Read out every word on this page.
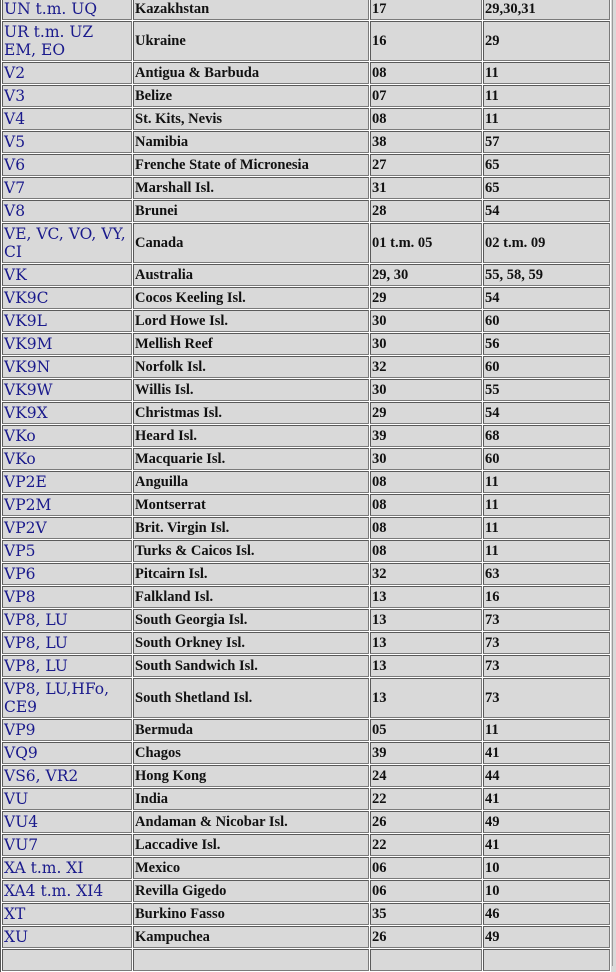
UN t.m. UQ	Kazakhstan	17	29,30,31
UR t.m. UZ EM, EO	Ukraine	16	29
V2	Antigua & Barbuda	08	11
V3	Belize	07	11
V4	St. Kits, Nevis	08	11
V5	Namibia	38	57
V6	Frenche State of Micronesia	27	65
V7	Marshall Isl.	31	65
V8	Brunei	28	54
VE, VC, VO, VY, CI	Canada	01 t.m. 05	02 t.m. 09
VK	Australia	29, 30	55, 58, 59
VK9C	Cocos Keeling Isl.	29	54
VK9L	Lord Howe Isl.	30	60
VK9M	Mellish Reef	30	56
VK9N	Norfolk Isl.	32	60
VK9W	Willis Isl.	30	55
VK9X	Christmas Isl.	29	54
VKo	Heard Isl.	39	68
VKo	Macquarie Isl.	30	60
VP2E	Anguilla	08	11
VP2M	Montserrat	08	11
VP2V	Brit. Virgin Isl.	08	11
VP5	Turks & Caicos Isl.	08	11
VP6	Pitcairn Isl.	32	63
VP8	Falkland Isl.	13	16
VP8, LU	South Georgia Isl.	13	73
VP8, LU	South Orkney Isl.	13	73
VP8, LU	South Sandwich Isl.	13	73
VP8, LU,HFo, CE9	South Shetland Isl.	13	73
VP9	Bermuda	05	11
VQ9	Chagos	39	41
VS6, VR2	Hong Kong	24	44
VU	India	22	41
VU4	Andaman & Nicobar Isl.	26	49
VU7	Laccadive Isl.	22	41
XA t.m. XI	Mexico	06	10
XA4 t.m. XI4	Revilla Gigedo	06	10
XT	Burkino Fasso	35	46
XU	Kampuchea	26	49
